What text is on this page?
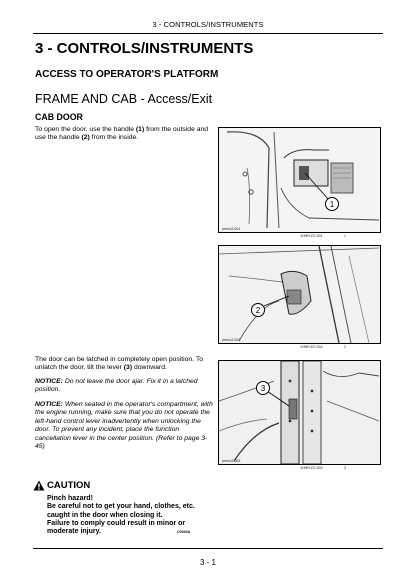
3 - CONTROLS/INSTRUMENTS
3 - CONTROLS/INSTRUMENTS
ACCESS TO OPERATOR'S PLATFORM
FRAME AND CAB - Access/Exit
CAB DOOR
To open the door, use the handle (1) from the outside and use the handle (2) from the inside.
The door can be latched in completely open position. To unlatch the door, tilt the lever (3) downward.
NOTICE: Do not leave the door ajar. Fix it in a latched position.
NOTICE: When seated in the operator's compartment, with the engine running, make sure that you do not operate the left-hand control lever inadvertently when unlocking the door. To prevent any incident, place the function cancellation lever in the center position. (Refer to page 3-45)
CAUTION
Pinch hazard!
Be careful not to get your hand, clothes, etc. caught in the door when closing it.
Failure to comply could result in minor or moderate injury.	C0040A
1
perho2-001
1HHR-E2-001	1
2
perho2-002
1HHR-E2-002	2
3
perho2-003
1HHR-E2-003	3
3 - 1
